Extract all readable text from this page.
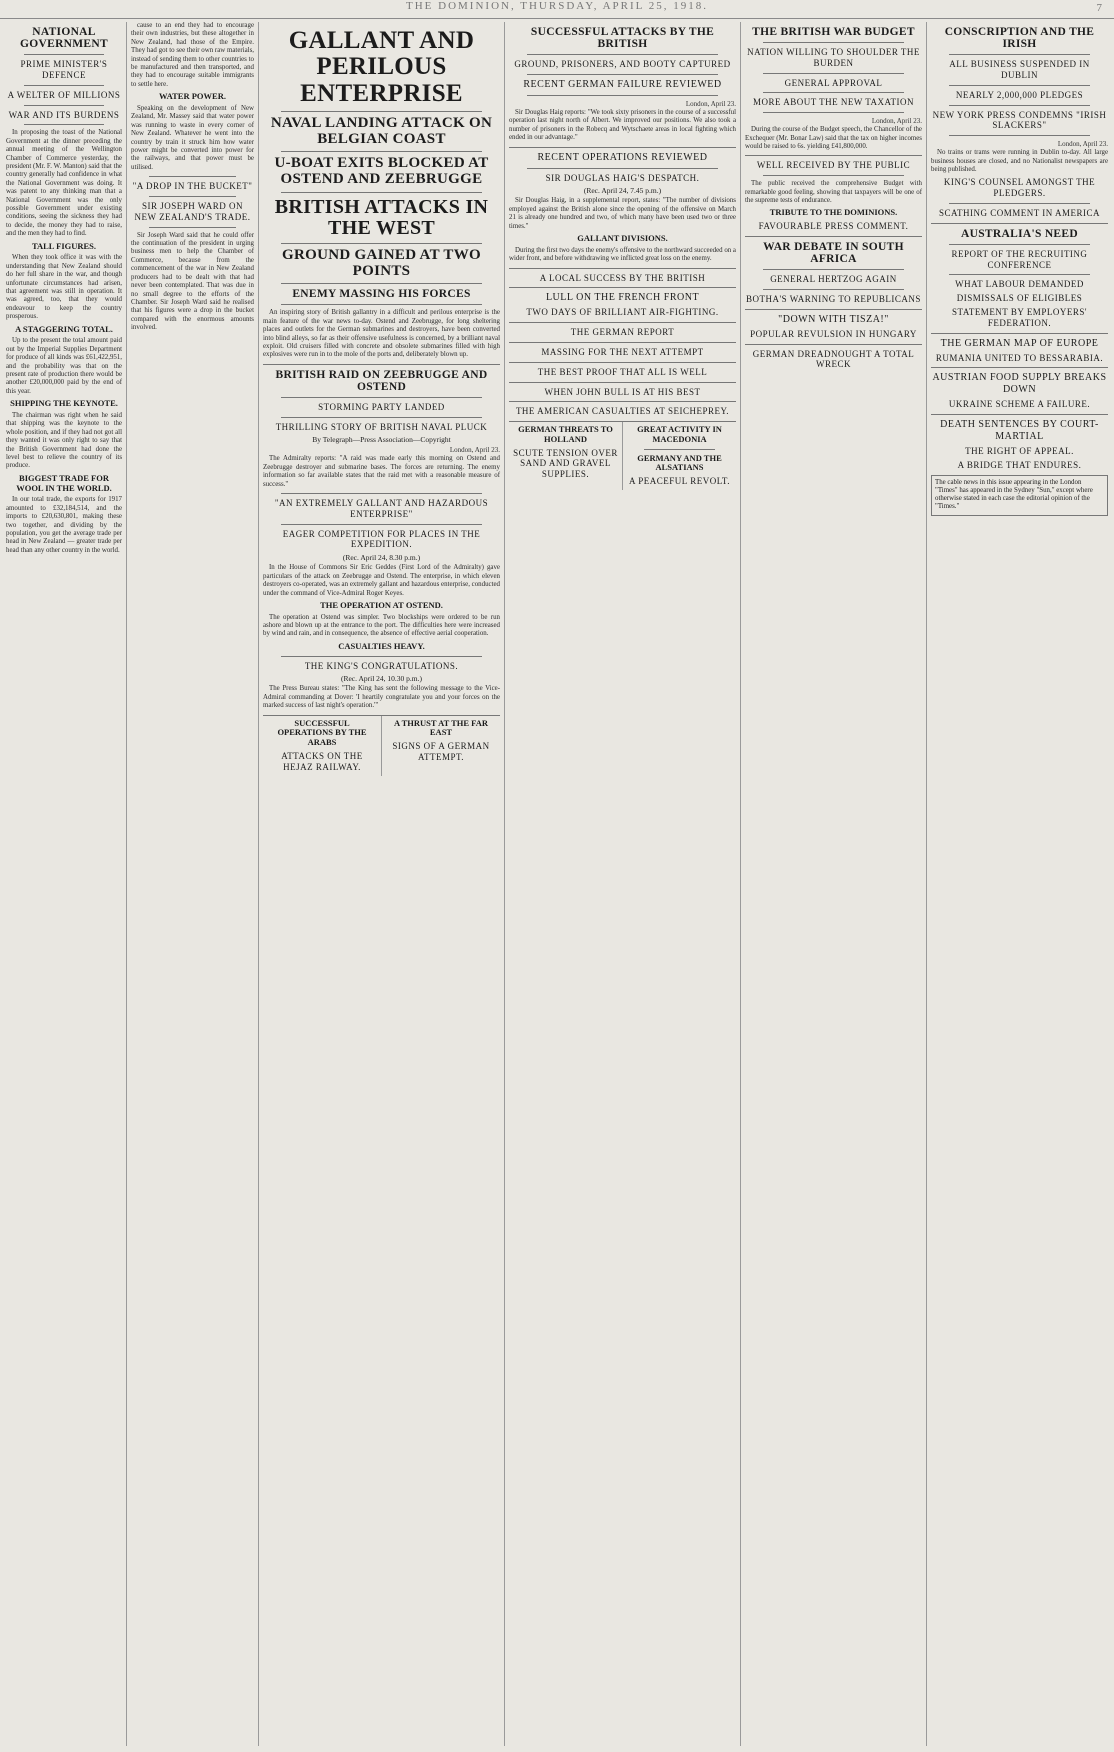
THE DOMINION, THURSDAY, APRIL 25, 1918.	7
NATIONAL GOVERNMENT
PRIME MINISTER'S DEFENCE
A WELTER OF MILLIONS
WAR AND ITS BURDENS

In proposing the toast of the National Government at the dinner preceding the annual meeting of the Wellington Chamber of Commerce yesterday, the president (Mr. F. W. Manton) said that the country generally had confidence in what the National Government was doing. It was patent to any thinking man that a National Government was the only possible Government under existing conditions, seeing the sickness they had to decide, the money they had to raise, and the men they had to find.

TALL FIGURES.

When they took office it was with the understanding that New Zealand should do her full share in the war, and though unfortunate circumstances had arisen, that agreement was still in operation. It was agreed, too, that they would endeavour to keep the country prosperous.

A STAGGERING TOTAL.

Up to the present the total amount paid out by the Imperial Supplies Department for produce of all kinds was £61,422,951, and the probability was that on the present rate of production there would be another £20,000,000 paid by the end of this year.

SHIPPING THE KEYNOTE.

The chairman was right when he said that shipping was the keynote to the whole position, and if they had not got all they wanted it was only right to say that the British Government had done the level best to relieve the country of its produce.

BIGGEST TRADE FOR WOOL IN THE WORLD.

In our total trade, the exports for 1917 amounted to £32,184,514, and the imports to £20,630,801, making these two together, and dividing by the population, you get the average trade per head in New Zealand — greater trade per head than any other country in the world.

cause to an end they had to encourage their own industries, but these altogether in New Zealand, had those of the Empire. They had got to see their own raw materials, instead of sending them to other countries to be manufactured and then transported, and they had to encourage suitable immigrants to settle here.

WATER POWER.

Speaking on the development of New Zealand, Mr. Massey said that water power was running to waste in every corner of New Zealand. Whatever he went into the country by train it struck him how water power might be converted into power for the railways, and that power must be utilised.

"A DROP IN THE BUCKET"
SIR JOSEPH WARD ON NEW ZEALAND'S TRADE.

Sir Joseph Ward said that he could offer the continuation of the president in urging business men to help the Chamber of Commerce, because from the commencement of the war in New Zealand producers had to be dealt with that had never been contemplated. That was due in no small degree to the efforts of the Chamber. Sir Joseph Ward said he realised that his figures were a drop in the bucket compared with the enormous amounts involved.

GALLANT AND PERILOUS ENTERPRISE
NAVAL LANDING ATTACK ON BELGIAN COAST
U-BOAT EXITS BLOCKED AT OSTEND AND ZEEBRUGGE
BRITISH ATTACKS IN THE WEST
GROUND GAINED AT TWO POINTS
ENEMY MASSING HIS FORCES

An inspiring story of British gallantry in a difficult and perilous enterprise is the main feature of the war news to-day. Ostend and Zeebrugge, for long sheltering places and outlets for the German submarines and destroyers, have been converted into blind alleys, so far as their offensive usefulness is concerned, by a brilliant naval exploit. Old cruisers filled with concrete and obsolete submarines filled with high explosives were run in to the mole of the ports and, deliberately blown up.

BRITISH RAID ON ZEEBRUGGE AND OSTEND
STORMING PARTY LANDED
THRILLING STORY OF BRITISH NAVAL PLUCK
By Telegraph—Press Association—Copyright
London, April 23.

The Admiralty reports: "A raid was made early this morning on Ostend and Zeebrugge destroyer and submarine bases. The forces are returning. The enemy information so far available states that the raid met with a reasonable measure of success."

"AN EXTREMELY GALLANT AND HAZARDOUS ENTERPRISE"
EAGER COMPETITION FOR PLACES IN THE EXPEDITION.
(Rec. April 24, 8.30 p.m.)

In the House of Commons Sir Eric Geddes (First Lord of the Admiralty) gave particulars of the attack on Zeebrugge and Ostend. The enterprise, in which eleven destroyers co-operated, was an extremely gallant and hazardous enterprise, conducted under the command of Vice-Admiral Roger Keyes.

THE OPERATION AT OSTEND.

The operation at Ostend was simpler. Two blockships were ordered to be run ashore and blown up at the entrance to the port. The difficulties here were increased by wind and rain, and in consequence, the absence of effective aerial cooperation.

CASUALTIES HEAVY.
THE KING'S CONGRATULATIONS.
(Rec. April 24, 10.30 p.m.)

The Press Bureau states: "The King has sent the following message to the Vice-Admiral commanding at Dover: 'I heartily congratulate you and your forces on the marked success of last night's operation.'"

SUCCESSFUL OPERATIONS BY THE ARABS
ATTACKS ON THE HEJAZ RAILWAY.
A THRUST AT THE FAR EAST
SIGNS OF A GERMAN ATTEMPT.
SUCCESSFUL ATTACKS BY THE BRITISH
GROUND, PRISONERS, AND BOOTY CAPTURED
RECENT GERMAN FAILURE REVIEWED
London, April 23.

Sir Douglas Haig reports: "We took sixty prisoners in the course of a successful operation last night north of Albert. We improved our positions. We also took a number of prisoners in the Robecq and Wytschaete areas in local fighting which ended in our advantage."

RECENT OPERATIONS REVIEWED
SIR DOUGLAS HAIG'S DESPATCH.
(Rec. April 24, 7.45 p.m.)

Sir Douglas Haig, in a supplemental report, states: "The number of divisions employed against the British alone since the opening of the offensive on March 21 is already one hundred and two, of which many have been used two or three times."

GALLANT DIVISIONS.

During the first two days the enemy's offensive to the northward succeeded on a wider front, and before withdrawing we inflicted great loss on the enemy.

A LOCAL SUCCESS BY THE BRITISH
LULL ON THE FRENCH FRONT
TWO DAYS OF BRILLIANT AIR-FIGHTING.
THE GERMAN REPORT
MASSING FOR THE NEXT ATTEMPT
THE BEST PROOF THAT ALL IS WELL
WHEN JOHN BULL IS AT HIS BEST
THE AMERICAN CASUALTIES AT SEICHEPREY.
GERMAN THREATS TO HOLLAND
SCUTE TENSION OVER SAND AND GRAVEL SUPPLIES.
GREAT ACTIVITY IN MACEDONIA
GERMANY AND THE ALSATIANS
A PEACEFUL REVOLT.
THE BRITISH WAR BUDGET
NATION WILLING TO SHOULDER THE BURDEN
GENERAL APPROVAL
MORE ABOUT THE NEW TAXATION
London, April 23.

During the course of the Budget speech, the Chancellor of the Exchequer (Mr. Bonar Law) said that the tax on higher incomes would be raised to 6s. yielding £41,800,000.

WELL RECEIVED BY THE PUBLIC

The public received the comprehensive Budget with remarkable good feeling, showing that taxpayers will be one of the supreme tests of endurance.

TRIBUTE TO THE DOMINIONS.
FAVOURABLE PRESS COMMENT.
WAR DEBATE IN SOUTH AFRICA
GENERAL HERTZOG AGAIN
BOTHA'S WARNING TO REPUBLICANS
"DOWN WITH TISZA!"
POPULAR REVULSION IN HUNGARY
GERMAN DREADNOUGHT A TOTAL WRECK
CONSCRIPTION AND THE IRISH
ALL BUSINESS SUSPENDED IN DUBLIN
NEARLY 2,000,000 PLEDGES
NEW YORK PRESS CONDEMNS "IRISH SLACKERS"
London, April 23.

No trains or trams were running in Dublin to-day. All large business houses are closed, and no Nationalist newspapers are being published.

KING'S COUNSEL AMONGST THE PLEDGERS.
SCATHING COMMENT IN AMERICA
AUSTRALIA'S NEED
REPORT OF THE RECRUITING CONFERENCE
WHAT LABOUR DEMANDED
DISMISSALS OF ELIGIBLES
STATEMENT BY EMPLOYERS' FEDERATION.
THE GERMAN MAP OF EUROPE
RUMANIA UNITED TO BESSARABIA.
AUSTRIAN FOOD SUPPLY BREAKS DOWN
UKRAINE SCHEME A FAILURE.
DEATH SENTENCES BY COURT-MARTIAL
THE RIGHT OF APPEAL.
A BRIDGE THAT ENDURES.
The cable news in this issue appearing in the London "Times" has appeared in the Sydney "Sun," except where otherwise stated in each case the editorial opinion of the "Times."
